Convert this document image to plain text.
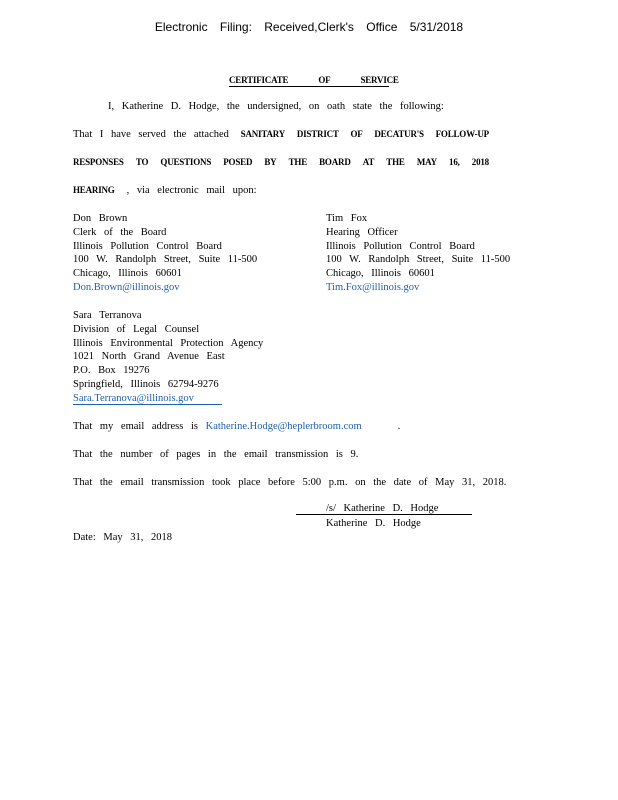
Electronic Filing: Received,Clerk's Office 5/31/2018
CERTIFICATE	OF	SERVICE
I, Katherine D. Hodge, the undersigned, on oath state the following:
That I have served the attached SANITARY DISTRICT OF DECATUR'S FOLLOW-UP
RESPONSES TO QUESTIONS POSED BY THE BOARD AT THE MAY 16, 2018
HEARING , via electronic mail upon:
Don Brown
Clerk of the Board
Illinois Pollution Control Board
100 W. Randolph Street, Suite 11-500
Chicago, Illinois 60601
Don.Brown@illinois.gov
Tim Fox
Hearing Officer
Illinois Pollution Control Board
100 W. Randolph Street, Suite 11-500
Chicago, Illinois 60601
Tim.Fox@illinois.gov
Sara Terranova
Division of Legal Counsel
Illinois Environmental Protection Agency
1021 North Grand Avenue East
P.O. Box 19276
Springfield, Illinois 62794-9276
Sara.Terranova@illinois.gov
That my email address is Katherine.Hodge@heplerbroom.com	.
That the number of pages in the email transmission is 9.
That the email transmission took place before 5:00 p.m. on the date of May 31, 2018.
/s/ Katherine D. Hodge
Katherine D. Hodge
Date: May 31, 2018
